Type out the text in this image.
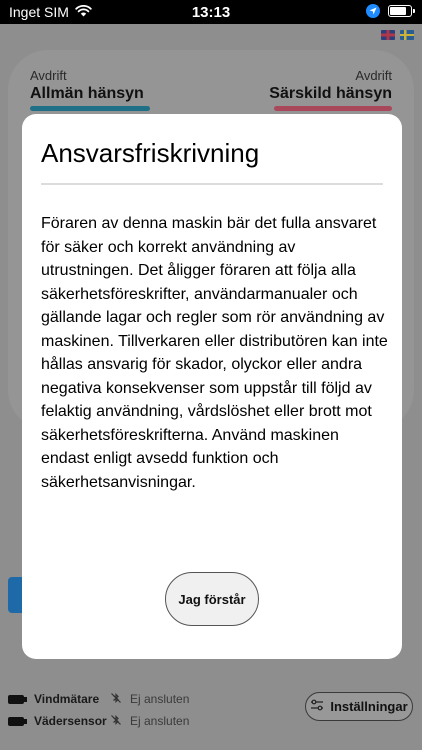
Inget SIM	13:13
Avdrift
Allmän hänsyn
Avdrift
Särskild hänsyn
Vindmätare	Ej ansluten
Vädersensor Ej ansluten
Inställningar
Ansvarsfriskrivning
Föraren av denna maskin bär det fulla ansvaret för säker och korrekt användning av utrustningen. Det åligger föraren att följa alla säkerhetsföreskrifter, användarmanualer och gällande lagar och regler som rör användning av maskinen. Tillverkaren eller distributören kan inte hållas ansvarig för skador, olyckor eller andra negativa konsekvenser som uppstår till följd av felaktig användning, vårdslöshet eller brott mot säkerhetsföreskrifterna. Använd maskinen endast enligt avsedd funktion och säkerhetsanvisningar.
Jag förstår
